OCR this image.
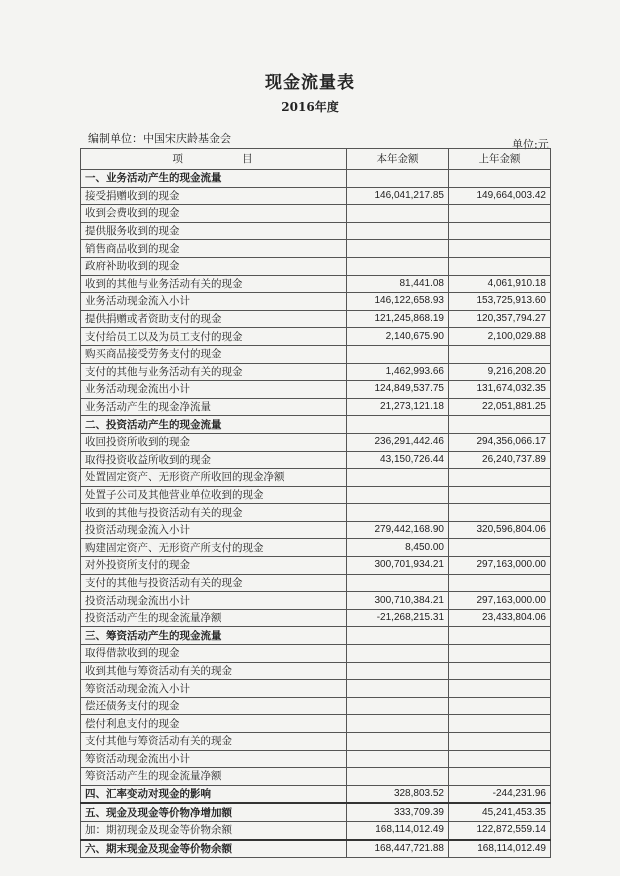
现金流量表
2016年度
编制单位：中国宋庆龄基金会	单位:元
项 目	本年金额	上年金额
一、业务活动产生的现金流量		
接受捐赠收到的现金	146,041,217.85	149,664,003.42
收到会费收到的现金		
提供服务收到的现金		
销售商品收到的现金		
政府补助收到的现金		
收到的其他与业务活动有关的现金	81,441.08	4,061,910.18
业务活动现金流入小计	146,122,658.93	153,725,913.60
提供捐赠或者资助支付的现金	121,245,868.19	120,357,794.27
支付给员工以及为员工支付的现金	2,140,675.90	2,100,029.88
购买商品接受劳务支付的现金		
支付的其他与业务活动有关的现金	1,462,993.66	9,216,208.20
业务活动现金流出小计	124,849,537.75	131,674,032.35
业务活动产生的现金净流量	21,273,121.18	22,051,881.25
二、投资活动产生的现金流量		
收回投资所收到的现金	236,291,442.46	294,356,066.17
取得投资收益所收到的现金	43,150,726.44	26,240,737.89
处置固定资产、无形资产所收回的现金净额		
处置子公司及其他营业单位收到的现金		
收到的其他与投资活动有关的现金		
投资活动现金流入小计	279,442,168.90	320,596,804.06
购建固定资产、无形资产所支付的现金	8,450.00	
对外投资所支付的现金	300,701,934.21	297,163,000.00
支付的其他与投资活动有关的现金		
投资活动现金流出小计	300,710,384.21	297,163,000.00
投资活动产生的现金流量净额	-21,268,215.31	23,433,804.06
三、筹资活动产生的现金流量		
取得借款收到的现金		
收到其他与筹资活动有关的现金		
筹资活动现金流入小计		
偿还债务支付的现金		
偿付利息支付的现金		
支付其他与筹资活动有关的现金		
筹资活动现金流出小计		
筹资活动产生的现金流量净额		
四、汇率变动对现金的影响	328,803.52	-244,231.96
五、现金及现金等价物净增加额	333,709.39	45,241,453.35
加：期初现金及现金等价物余额	168,114,012.49	122,872,559.14
六、期末现金及现金等价物余额	168,447,721.88	168,114,012.49
